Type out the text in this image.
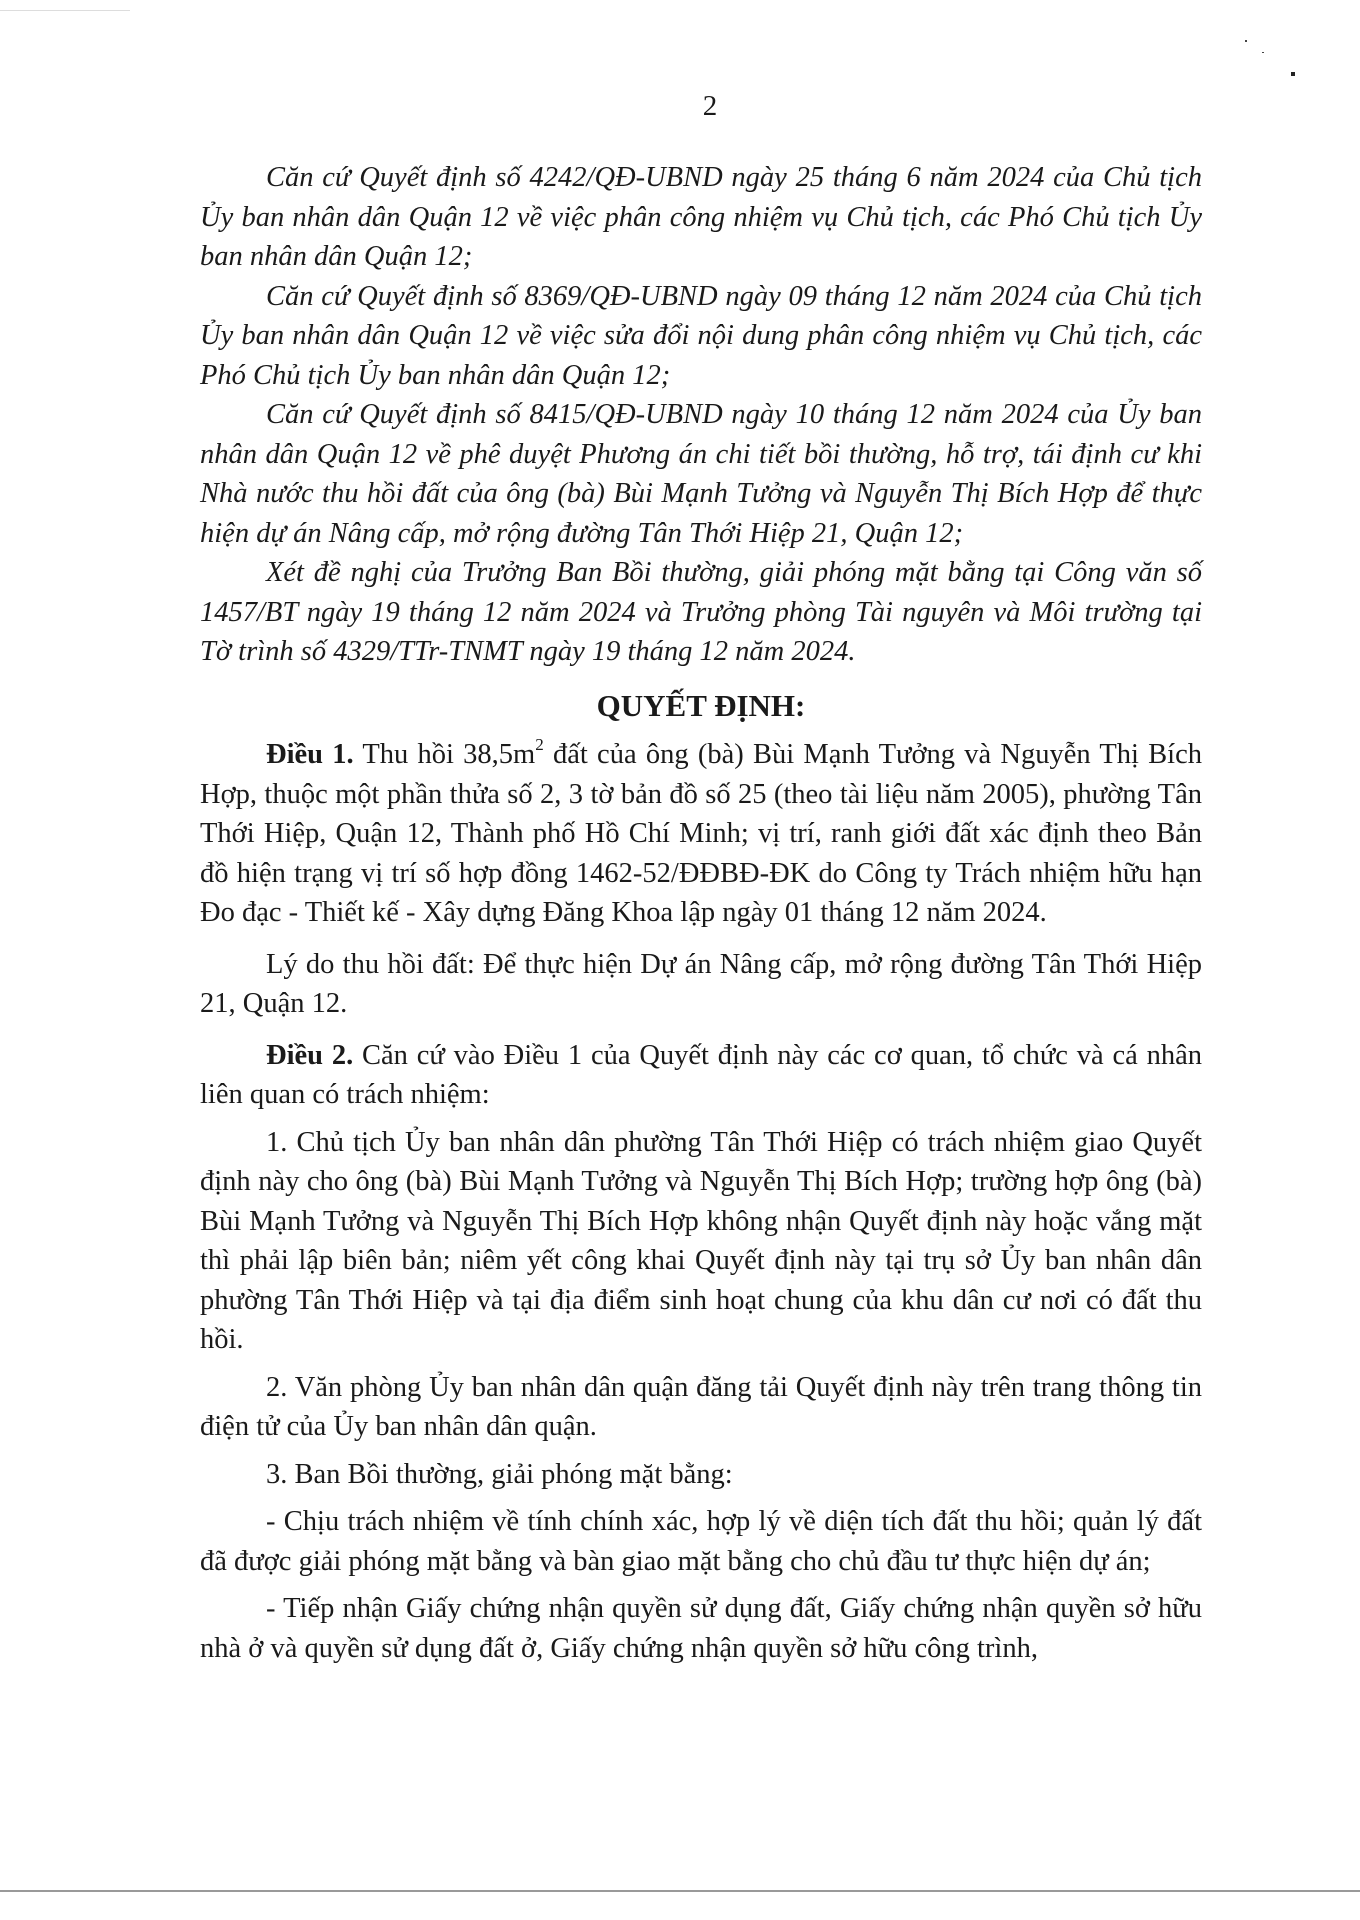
2

Căn cứ Quyết định số 4242/QĐ-UBND ngày 25 tháng 6 năm 2024 của Chủ tịch Ủy ban nhân dân Quận 12 về việc phân công nhiệm vụ Chủ tịch, các Phó Chủ tịch Ủy ban nhân dân Quận 12;

Căn cứ Quyết định số 8369/QĐ-UBND ngày 09 tháng 12 năm 2024 của Chủ tịch Ủy ban nhân dân Quận 12 về việc sửa đổi nội dung phân công nhiệm vụ Chủ tịch, các Phó Chủ tịch Ủy ban nhân dân Quận 12;

Căn cứ Quyết định số 8415/QĐ-UBND ngày 10 tháng 12 năm 2024 của Ủy ban nhân dân Quận 12 về phê duyệt Phương án chi tiết bồi thường, hỗ trợ, tái định cư khi Nhà nước thu hồi đất của ông (bà) Bùi Mạnh Tưởng và Nguyễn Thị Bích Hợp để thực hiện dự án Nâng cấp, mở rộng đường Tân Thới Hiệp 21, Quận 12;

Xét đề nghị của Trưởng Ban Bồi thường, giải phóng mặt bằng tại Công văn số 1457/BT ngày 19 tháng 12 năm 2024 và Trưởng phòng Tài nguyên và Môi trường tại Tờ trình số 4329/TTr-TNMT ngày 19 tháng 12 năm 2024.

QUYẾT ĐỊNH:

Điều 1. Thu hồi $38,5m^2$ đất của ông (bà) Bùi Mạnh Tưởng và Nguyễn Thị Bích Hợp, thuộc một phần thửa số 2, 3 tờ bản đồ số 25 (theo tài liệu năm 2005), phường Tân Thới Hiệp, Quận 12, Thành phố Hồ Chí Minh; vị trí, ranh giới đất xác định theo Bản đồ hiện trạng vị trí số hợp đồng 1462-52/ĐĐBĐ-ĐK do Công ty Trách nhiệm hữu hạn Đo đạc - Thiết kế - Xây dựng Đăng Khoa lập ngày 01 tháng 12 năm 2024.

Lý do thu hồi đất: Để thực hiện Dự án Nâng cấp, mở rộng đường Tân Thới Hiệp 21, Quận 12.

Điều 2. Căn cứ vào Điều 1 của Quyết định này các cơ quan, tổ chức và cá nhân liên quan có trách nhiệm:

1. Chủ tịch Ủy ban nhân dân phường Tân Thới Hiệp có trách nhiệm giao Quyết định này cho ông (bà) Bùi Mạnh Tưởng và Nguyễn Thị Bích Hợp; trường hợp ông (bà) Bùi Mạnh Tưởng và Nguyễn Thị Bích Hợp không nhận Quyết định này hoặc vắng mặt thì phải lập biên bản; niêm yết công khai Quyết định này tại trụ sở Ủy ban nhân dân phường Tân Thới Hiệp và tại địa điểm sinh hoạt chung của khu dân cư nơi có đất thu hồi.

2. Văn phòng Ủy ban nhân dân quận đăng tải Quyết định này trên trang thông tin điện tử của Ủy ban nhân dân quận.

3. Ban Bồi thường, giải phóng mặt bằng:

- Chịu trách nhiệm về tính chính xác, hợp lý về diện tích đất thu hồi; quản lý đất đã được giải phóng mặt bằng và bàn giao mặt bằng cho chủ đầu tư thực hiện dự án;

- Tiếp nhận Giấy chứng nhận quyền sử dụng đất, Giấy chứng nhận quyền sở hữu nhà ở và quyền sử dụng đất ở, Giấy chứng nhận quyền sở hữu công trình,
